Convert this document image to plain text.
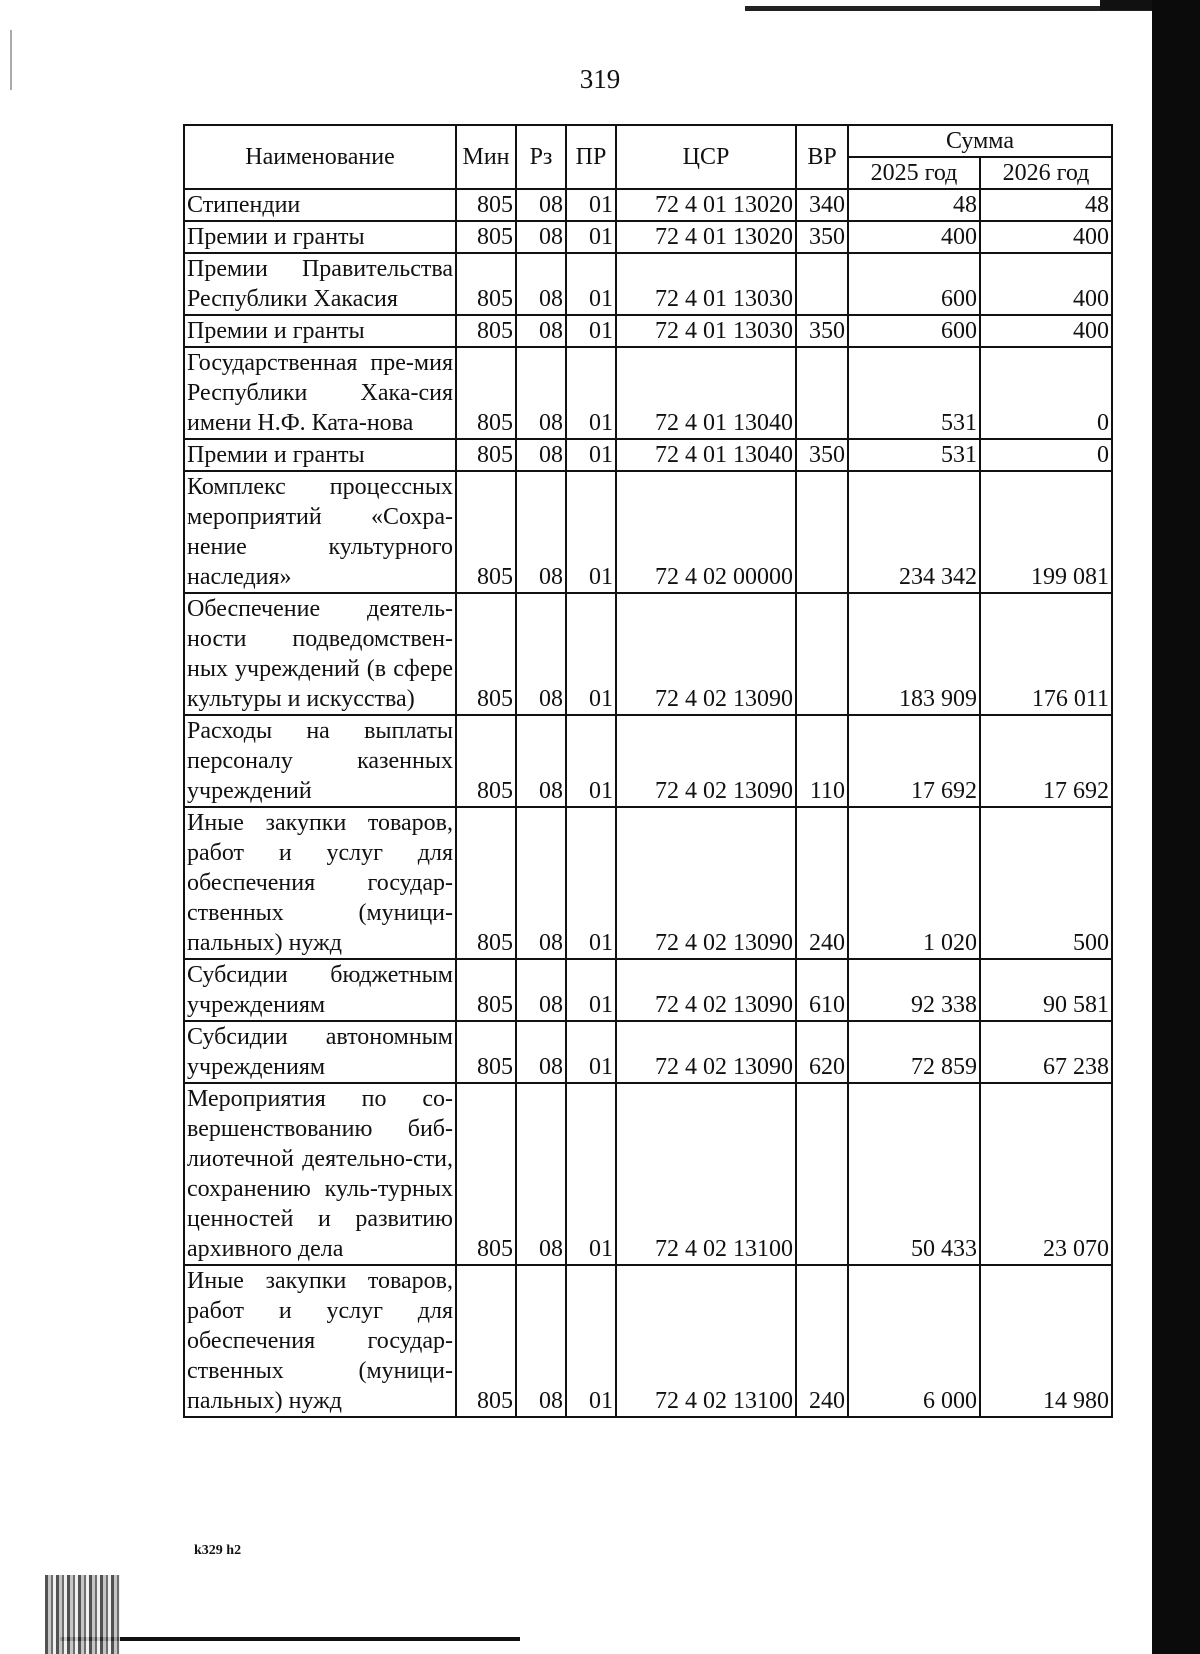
319
Наименование	Мин	Рз	ПР	ЦСР	ВР	Сумма	
						2025 год	2026 год
Стипендии	805	08	01	72 4 01 13020	340	48	48
Премии и гранты	805	08	01	72 4 01 13020	350	400	400
Премии Правительства Республики Хакасия	805	08	01	72 4 01 13030		600	400
Премии и гранты	805	08	01	72 4 01 13030	350	600	400
Государственная пре-мия Республики Хака-сия имени Н.Ф. Ката-нова	805	08	01	72 4 01 13040		531	0
Премии и гранты	805	08	01	72 4 01 13040	350	531	0
Комплекс процессных мероприятий «Сохра-нение культурного наследия»	805	08	01	72 4 02 00000		234 342	199 081
Обеспечение деятель-ности подведомствен-ных учреждений (в сфере культуры и искусства)	805	08	01	72 4 02 13090		183 909	176 011
Расходы на выплаты персоналу казенных учреждений	805	08	01	72 4 02 13090	110	17 692	17 692
Иные закупки товаров, работ и услуг для обеспечения государ-ственных (муници-пальных) нужд	805	08	01	72 4 02 13090	240	1 020	500
Субсидии бюджетным учреждениям	805	08	01	72 4 02 13090	610	92 338	90 581
Субсидии автономным учреждениям	805	08	01	72 4 02 13090	620	72 859	67 238
Мероприятия по со-вершенствованию биб-лиотечной деятельно-сти, сохранению куль-турных ценностей и развитию архивного дела	805	08	01	72 4 02 13100		50 433	23 070
Иные закупки товаров, работ и услуг для обеспечения государ-ственных (муници-пальных) нужд	805	08	01	72 4 02 13100	240	6 000	14 980
k329 h2
